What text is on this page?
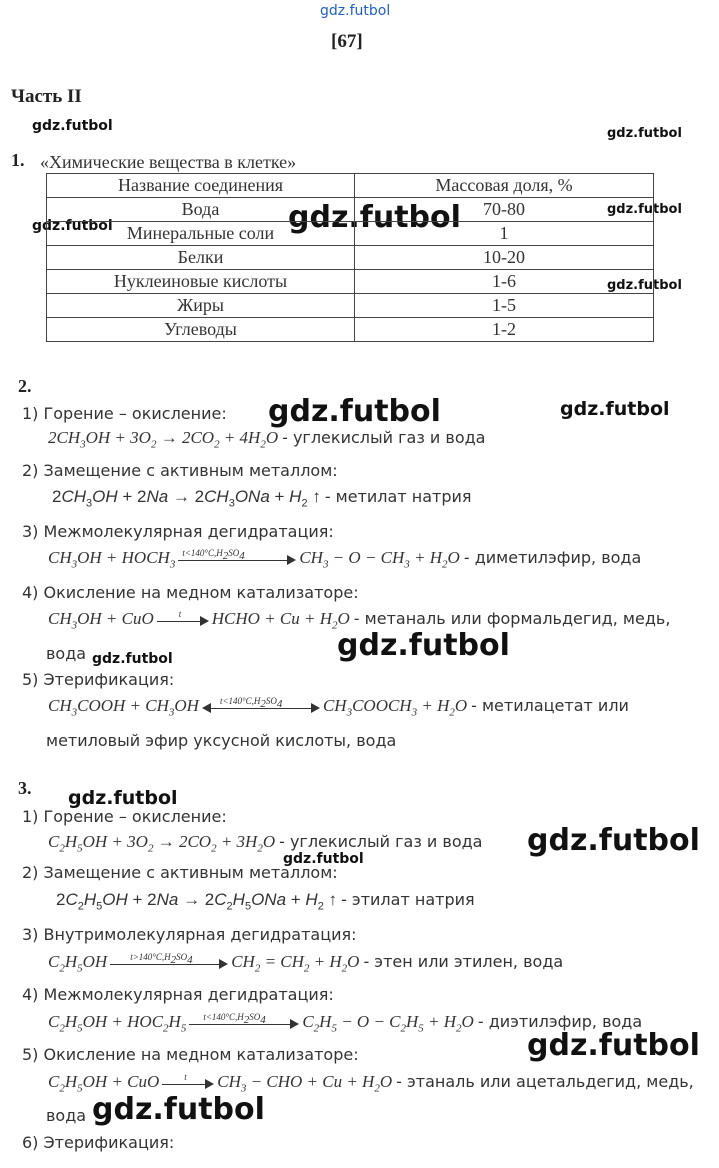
gdz.futbol
[67]
Часть II
gdz.futbol	gdz.futbol
gdz.futbol	gdz.futbol	gdz.futbol
gdz.futbol
gdz.futbol	gdz.futbol
gdz.futbol
gdz.futbol
gdz.futbol
gdz.futbol
gdz.futbol
gdz.futbol
gdz.futbol
1. «Химические вещества в клетке»
Название соединения	Массовая доля, %
Вода	70-80
Минеральные соли	1
Белки	10-20
Нуклеиновые кислоты	1-6
Жиры	1-5
Углеводы	1-2
2.
1) Горение – окисление:
$2CH_3OH + 3O_2 \to 2CO_2 + 4H_2O$ - углекислый газ и вода
2) Замещение с активным металлом:
$2CH_3OH + 2Na \to 2CH_3ONa + H_2$ ↑ - метилат натрия
3) Межмолекулярная дегидратация:
$CH_3OH$ + $HOCH_3$
$t<140^\circ C,H_2SO_4$	$CH_3 - O - CH_3 + H_2O$ - диметилэфир, вода
4) Окисление на медном катализаторе:
$CH_3OH$ + CuO	t HCHO + $Cu + H_2O$ - метаналь или формальдегид, медь,
вода
5) Этерификация:
$CH_3COOH + CH_3OH$ $t<140^\circ C,H_2SO_4$ $CH_3COOCH_3 + H_2O$ - метилацетат или
метиловый эфир уксусной кислоты, вода
3.
1) Горение – окисление:
$C_2H_5OH + 3O_2 \to 2CO_2 + 3H_2O$ - углекислый газ и вода
2) Замещение с активным металлом:
$2C_2H_5OH + 2Na \to 2C_2H_5ONa + H_2$ ↑ - этилат натрия
3) Внутримолекулярная дегидратация:
$C_2H_5OH$	$t>140^\circ C,H_2SO_4$ $CH_2 = CH_2 + H_2O$ - этен или этилен, вода
4) Межмолекулярная дегидратация:
$C_2H_5OH + HOC_2H_5$
$t<140^\circ C,H_2SO_4$ $C_2H_5 - O - C_2H_5 + H_2O$ - диэтилэфир, вода
5) Окисление на медном катализаторе:
$C_2H_5OH$ + CuO	t $CH_3$ − CHO + $Cu + H_2O$ - этаналь или ацетальдегид, медь,
вода
6) Этерификация:
